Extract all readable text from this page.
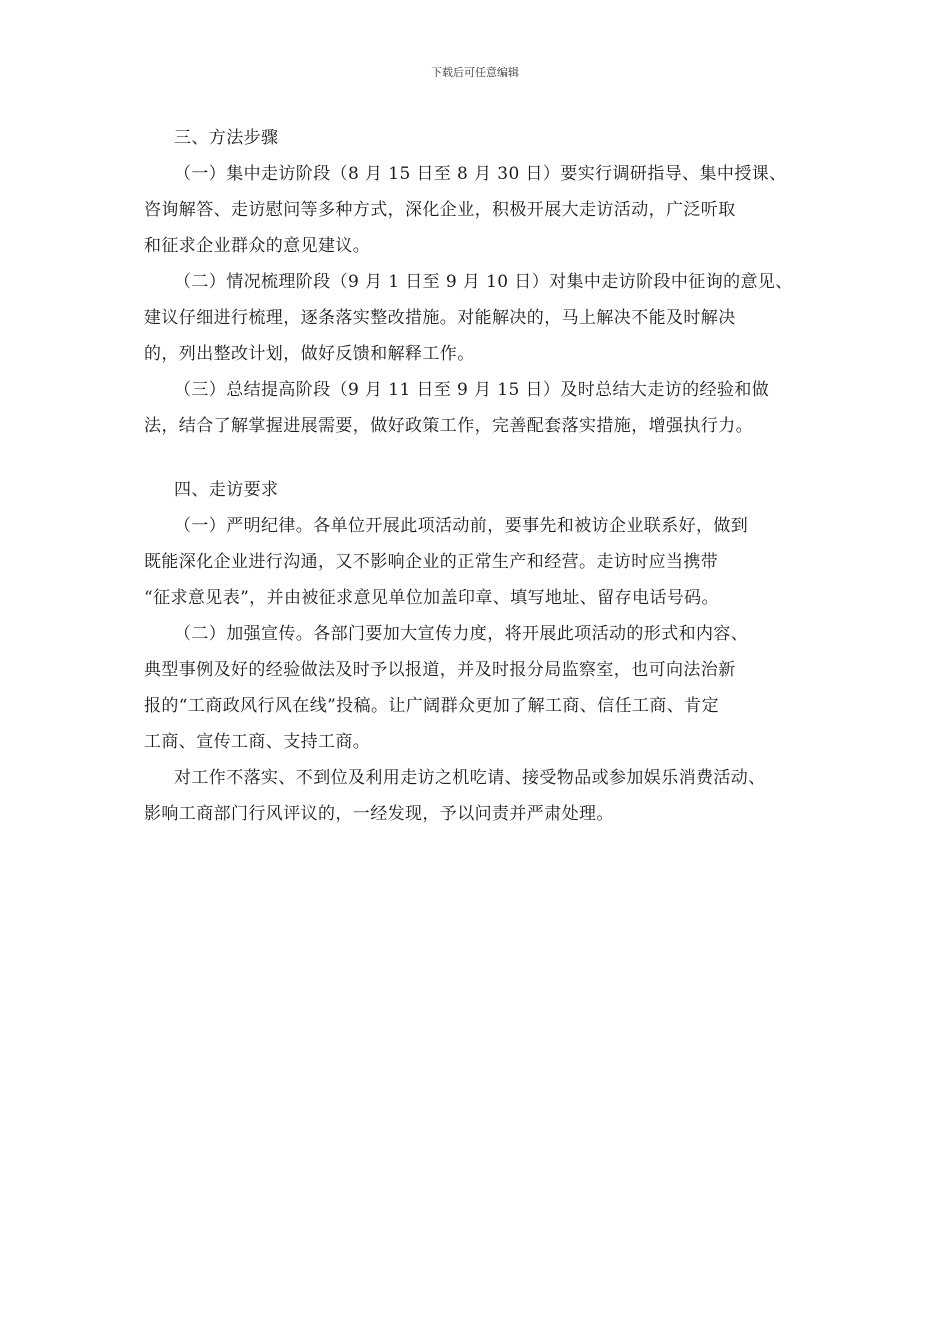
下载后可任意编辑
三、方法步骤
（一）集中走访阶段（8 月 15 日至 8 月 30 日）要实行调研指导、集中授课、
咨询解答、走访慰问等多种方式，深化企业，积极开展大走访活动，广泛听取
和征求企业群众的意见建议。
（二）情况梳理阶段（9 月 1 日至 9 月 10 日）对集中走访阶段中征询的意见、
建议仔细进行梳理，逐条落实整改措施。对能解决的，马上解决不能及时解决
的，列出整改计划，做好反馈和解释工作。
（三）总结提高阶段（9 月 11 日至 9 月 15 日）及时总结大走访的经验和做
法，结合了解掌握进展需要，做好政策工作，完善配套落实措施，增强执行力。
四、走访要求
（一）严明纪律。各单位开展此项活动前，要事先和被访企业联系好，做到
既能深化企业进行沟通，又不影响企业的正常生产和经营。走访时应当携带
“征求意见表”，并由被征求意见单位加盖印章、填写地址、留存电话号码。
（二）加强宣传。各部门要加大宣传力度，将开展此项活动的形式和内容、
典型事例及好的经验做法及时予以报道，并及时报分局监察室，也可向法治新
报的“工商政风行风在线”投稿。让广阔群众更加了解工商、信任工商、肯定
工商、宣传工商、支持工商。
对工作不落实、不到位及利用走访之机吃请、接受物品或参加娱乐消费活动、
影响工商部门行风评议的，一经发现，予以问责并严肃处理。
